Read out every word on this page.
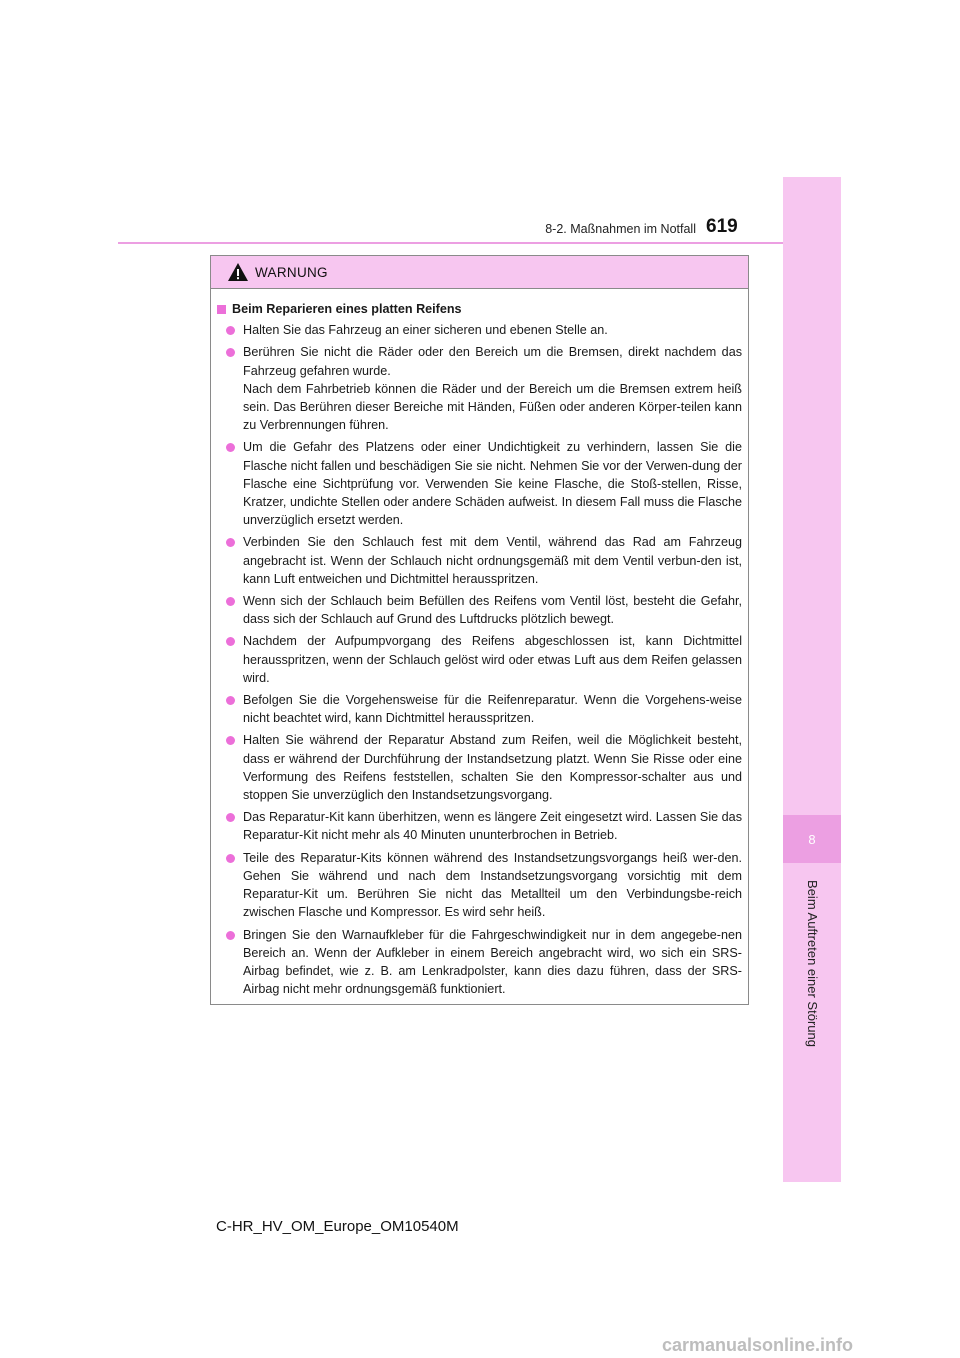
8
Beim Auftreten einer Störung
8-2. Maßnahmen im Notfall 619
WARNUNG
Beim Reparieren eines platten Reifens
Halten Sie das Fahrzeug an einer sicheren und ebenen Stelle an.
Berühren Sie nicht die Räder oder den Bereich um die Bremsen, direkt nachdem das Fahrzeug gefahren wurde.
Nach dem Fahrbetrieb können die Räder und der Bereich um die Bremsen extrem heiß sein. Das Berühren dieser Bereiche mit Händen, Füßen oder anderen Körper-teilen kann zu Verbrennungen führen.
Um die Gefahr des Platzens oder einer Undichtigkeit zu verhindern, lassen Sie die Flasche nicht fallen und beschädigen Sie sie nicht. Nehmen Sie vor der Verwen-dung der Flasche eine Sichtprüfung vor. Verwenden Sie keine Flasche, die Stoß-stellen, Risse, Kratzer, undichte Stellen oder andere Schäden aufweist. In diesem Fall muss die Flasche unverzüglich ersetzt werden.
Verbinden Sie den Schlauch fest mit dem Ventil, während das Rad am Fahrzeug angebracht ist. Wenn der Schlauch nicht ordnungsgemäß mit dem Ventil verbun-den ist, kann Luft entweichen und Dichtmittel herausspritzen.
Wenn sich der Schlauch beim Befüllen des Reifens vom Ventil löst, besteht die Gefahr, dass sich der Schlauch auf Grund des Luftdrucks plötzlich bewegt.
Nachdem der Aufpumpvorgang des Reifens abgeschlossen ist, kann Dichtmittel herausspritzen, wenn der Schlauch gelöst wird oder etwas Luft aus dem Reifen gelassen wird.
Befolgen Sie die Vorgehensweise für die Reifenreparatur. Wenn die Vorgehens-weise nicht beachtet wird, kann Dichtmittel herausspritzen.
Halten Sie während der Reparatur Abstand zum Reifen, weil die Möglichkeit besteht, dass er während der Durchführung der Instandsetzung platzt. Wenn Sie Risse oder eine Verformung des Reifens feststellen, schalten Sie den Kompressor-schalter aus und stoppen Sie unverzüglich den Instandsetzungsvorgang.
Das Reparatur-Kit kann überhitzen, wenn es längere Zeit eingesetzt wird. Lassen Sie das Reparatur-Kit nicht mehr als 40 Minuten ununterbrochen in Betrieb.
Teile des Reparatur-Kits können während des Instandsetzungsvorgangs heiß wer-den. Gehen Sie während und nach dem Instandsetzungsvorgang vorsichtig mit dem Reparatur-Kit um. Berühren Sie nicht das Metallteil um den Verbindungsbe-reich zwischen Flasche und Kompressor. Es wird sehr heiß.
Bringen Sie den Warnaufkleber für die Fahrgeschwindigkeit nur in dem angegebe-nen Bereich an. Wenn der Aufkleber in einem Bereich angebracht wird, wo sich ein SRS-Airbag befindet, wie z. B. am Lenkradpolster, kann dies dazu führen, dass der SRS-Airbag nicht mehr ordnungsgemäß funktioniert.
C-HR_HV_OM_Europe_OM10540M
carmanualsonline.info
